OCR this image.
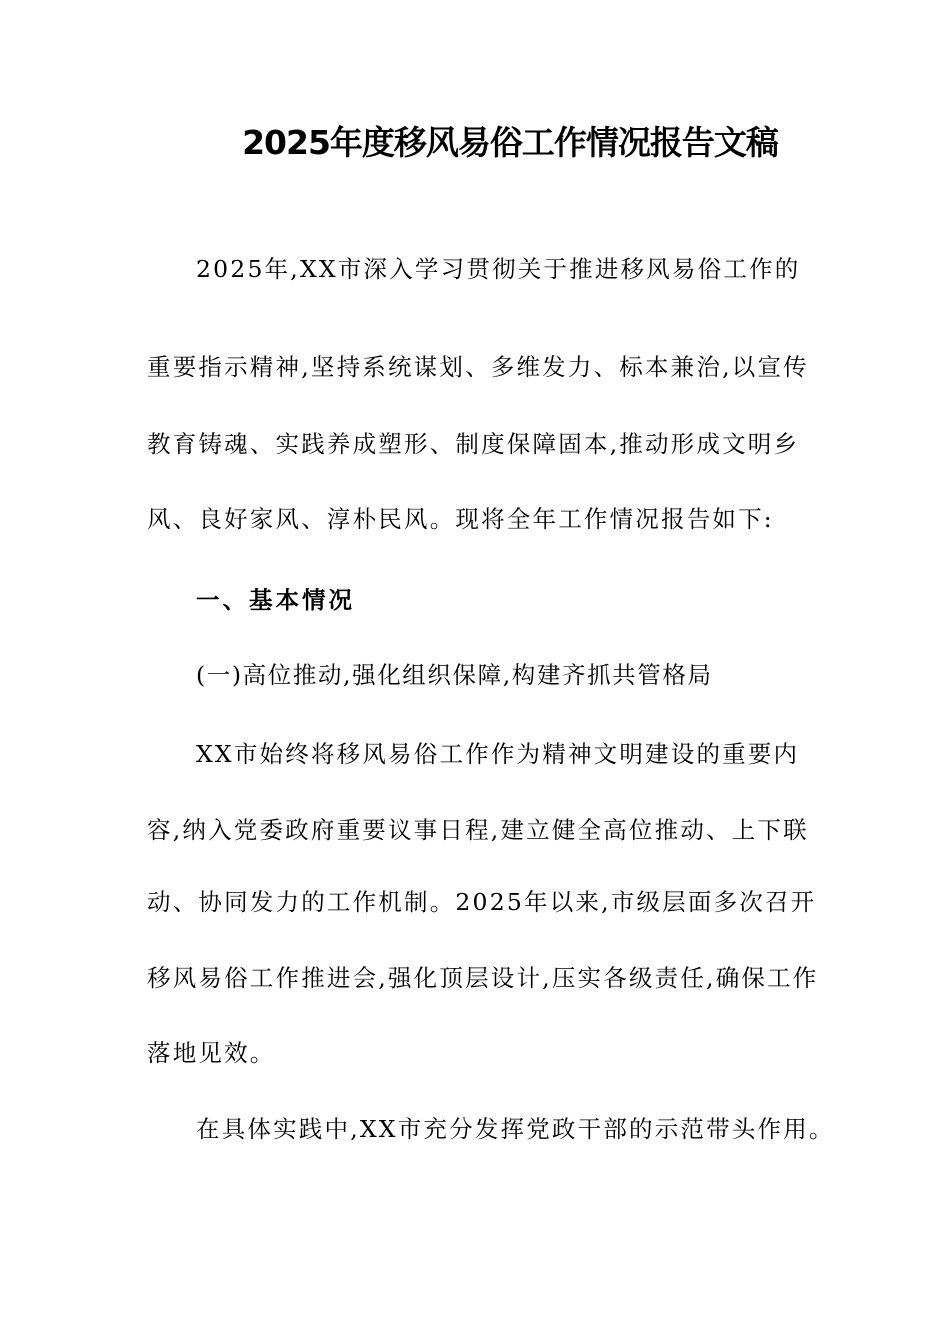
2025年度移风易俗工作情况报告文稿
2025年,XX市深入学习贯彻关于推进移风易俗工作的
重要指示精神,坚持系统谋划、多维发力、标本兼治,以宣传
教育铸魂、实践养成塑形、制度保障固本,推动形成文明乡
风、良好家风、淳朴民风。现将全年工作情况报告如下:
一、基本情况
(一)高位推动,强化组织保障,构建齐抓共管格局
XX市始终将移风易俗工作作为精神文明建设的重要内
容,纳入党委政府重要议事日程,建立健全高位推动、上下联
动、协同发力的工作机制。2025年以来,市级层面多次召开
移风易俗工作推进会,强化顶层设计,压实各级责任,确保工作
落地见效。
在具体实践中,XX市充分发挥党政干部的示范带头作用。
